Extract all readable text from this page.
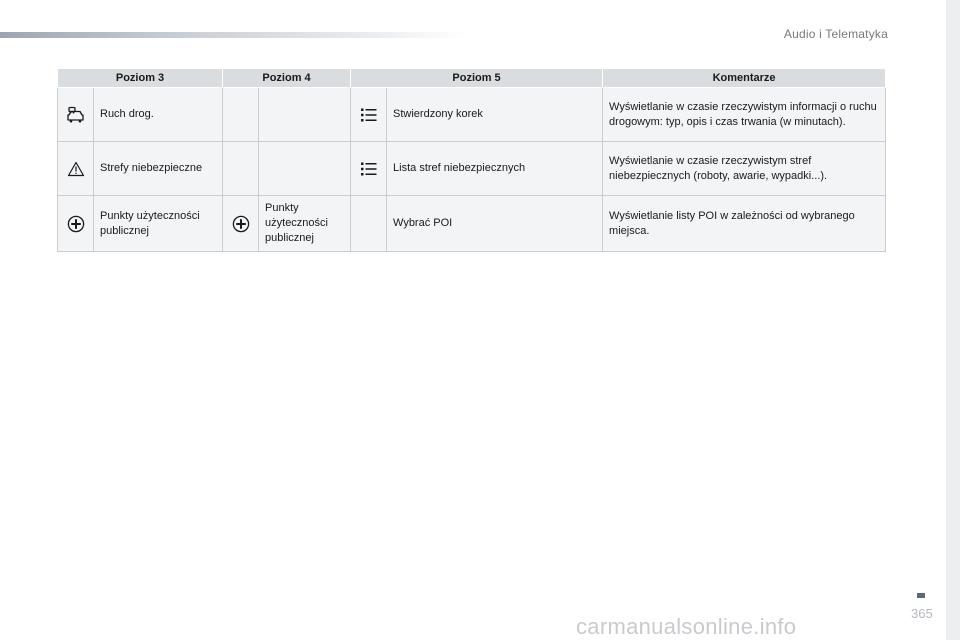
Audio i Telematyka
Poziom 3		Poziom 4		Poziom 5		Komentarze

	Ruch drog.				Stwierdzony korek	Wyświetlanie w czasie rzeczywistym informacji o ruchu drogowym: typ, opis i czas trwania (w minutach).

	Strefy niebezpieczne				Lista stref niebezpiecznych	Wyświetlanie w czasie rzeczywistym stref niebezpiecznych (roboty, awarie, wypadki...).

	Punkty użyteczności publicznej		Punkty użyteczności publicznej		Wybrać POI	Wyświetlanie listy POI w zależności od wybranego miejsca.
365
carmanualsonline.info
